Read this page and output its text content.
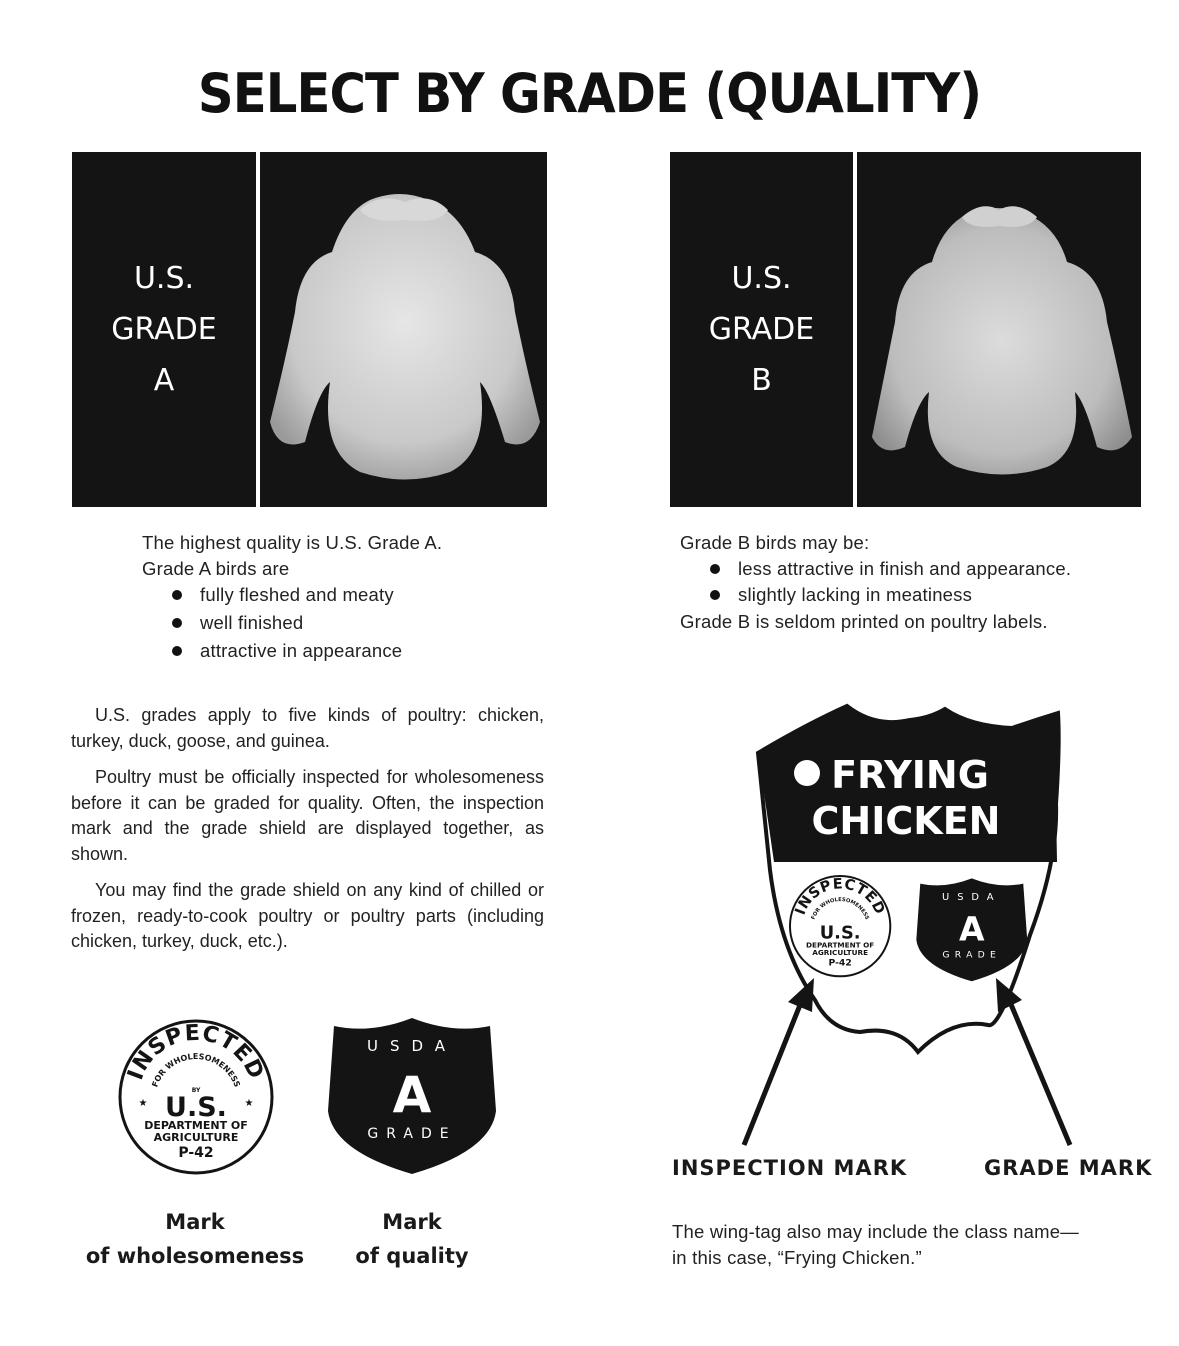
SELECT BY GRADE (QUALITY)
U.S.
GRADE
A
U.S.
GRADE
B
The highest quality is U.S. Grade A.
Grade A birds are
fully fleshed and meaty
well finished
attractive in appearance
Grade B birds may be:
less attractive in finish and appearance.
slightly lacking in meatiness
Grade B is seldom printed on poultry labels.

U.S. grades apply to five kinds of poultry: chicken, turkey, duck, goose, and guinea.

Poultry must be officially inspected for wholesomeness before it can be graded for quality. Often, the inspection mark and the grade shield are displayed together, as shown.

You may find the grade shield on any kind of chilled or frozen, ready-to-cook poultry or poultry parts (including chicken, turkey, duck, etc.).

INSPECTED
FOR WHOLESOMENESS
BY
U.S.
DEPARTMENT OF
AGRICULTURE
P-42
★	★
USDA
A
GRADE
Mark
of wholesomeness
Mark
of quality
FRYING
CHICKEN
INSPECTED
FOR WHOLESOMENESS
U.S.
DEPARTMENT OF
AGRICULTURE
P-42
USDA
A
GRADE
INSPECTION MARK	GRADE MARK
The wing-tag also may include the class name—
in this case, “Frying Chicken.”
